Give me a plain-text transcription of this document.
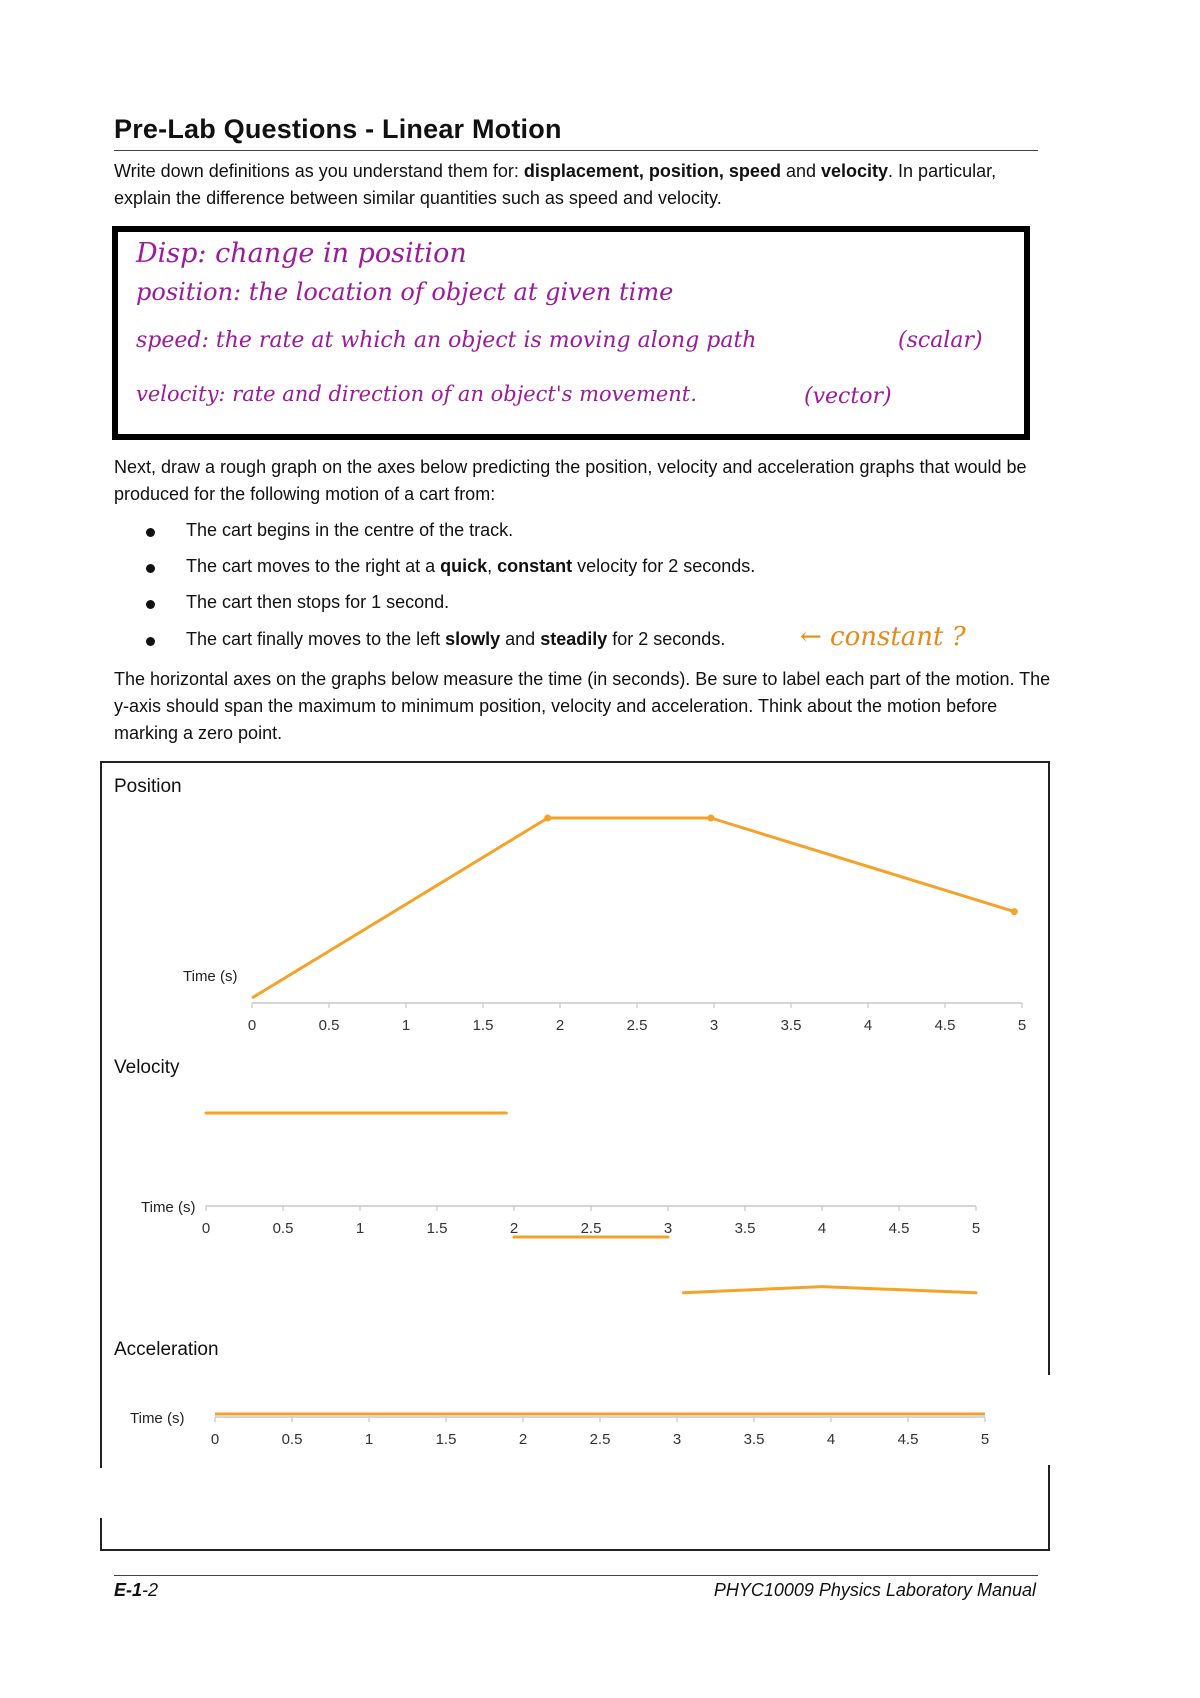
Pre-Lab Questions - Linear Motion
Write down definitions as you understand them for: displacement, position, speed and velocity. In particular, explain the difference between similar quantities such as speed and velocity.
Disp: change in position
position: the location of object at given time
speed: the rate at which an object is moving along path	(scalar)
velocity: rate and direction of an object's movement.	(vector)
Next, draw a rough graph on the axes below predicting the position, velocity and acceleration graphs that would be produced for the following motion of a cart from:
The cart begins in the centre of the track.
The cart moves to the right at a quick, constant velocity for 2 seconds.
The cart then stops for 1 second.
The cart finally moves to the left slowly and steadily for 2 seconds.	← constant ?
The horizontal axes on the graphs below measure the time (in seconds). Be sure to label each part of the motion. The y-axis should span the maximum to minimum position, velocity and acceleration. Think about the motion before marking a zero point.
Position
Velocity
Acceleration
Time (s)
0	0.5	1	1.5	2	2.5	3	3.5	4	4.5	5
Time (s)
0	0.5	1	1.5	2	2.5	3	3.5	4	4.5	5
Time (s)
0	0.5	1	1.5	2	2.5	3	3.5	4	4.5	5
E-1-2	PHYC10009 Physics Laboratory Manual
